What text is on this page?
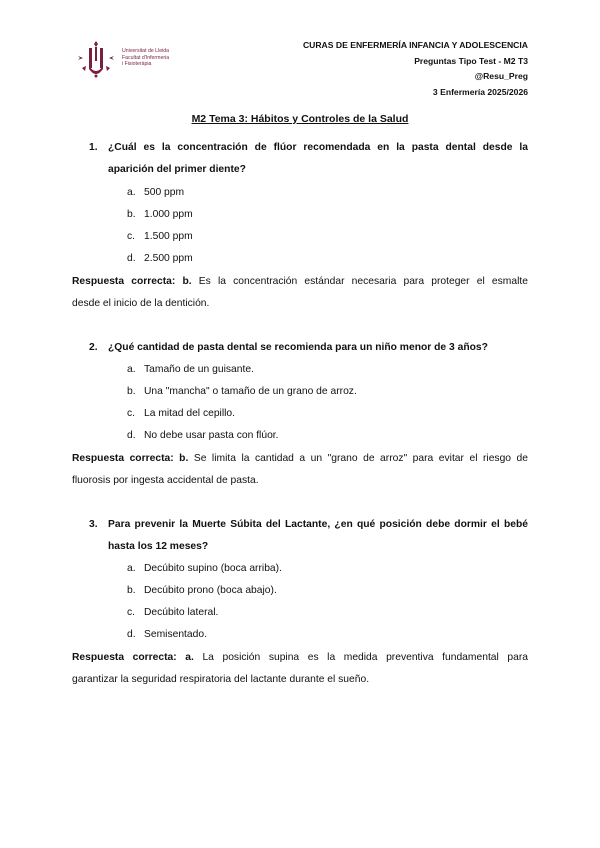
Universitat de Lleida
Facultat d'Infermeria
i Fisioteràpia
CURAS DE ENFERMERÍA INFANCIA Y ADOLESCENCIA
Preguntas Tipo Test - M2 T3
@Resu_Preg
3 Enfermería 2025/2026
M2 Tema 3: Hábitos y Controles de la Salud
1. ¿Cuál es la concentración de flúor recomendada en la pasta dental desde la
aparición del primer diente?
a. 500 ppm
b. 1.000 ppm
c. 1.500 ppm
d. 2.500 ppm
Respuesta correcta: b. Es la concentración estándar necesaria para proteger el esmalte
desde el inicio de la dentición.
2. ¿Qué cantidad de pasta dental se recomienda para un niño menor de 3 años?
a. Tamaño de un guisante.
b. Una "mancha" o tamaño de un grano de arroz.
c. La mitad del cepillo.
d. No debe usar pasta con flúor.
Respuesta correcta: b. Se limita la cantidad a un "grano de arroz" para evitar el riesgo de
fluorosis por ingesta accidental de pasta.
3. Para prevenir la Muerte Súbita del Lactante, ¿en qué posición debe dormir el bebé
hasta los 12 meses?
a. Decúbito supino (boca arriba).
b. Decúbito prono (boca abajo).
c. Decúbito lateral.
d. Semisentado.
Respuesta correcta: a. La posición supina es la medida preventiva fundamental para
garantizar la seguridad respiratoria del lactante durante el sueño.
